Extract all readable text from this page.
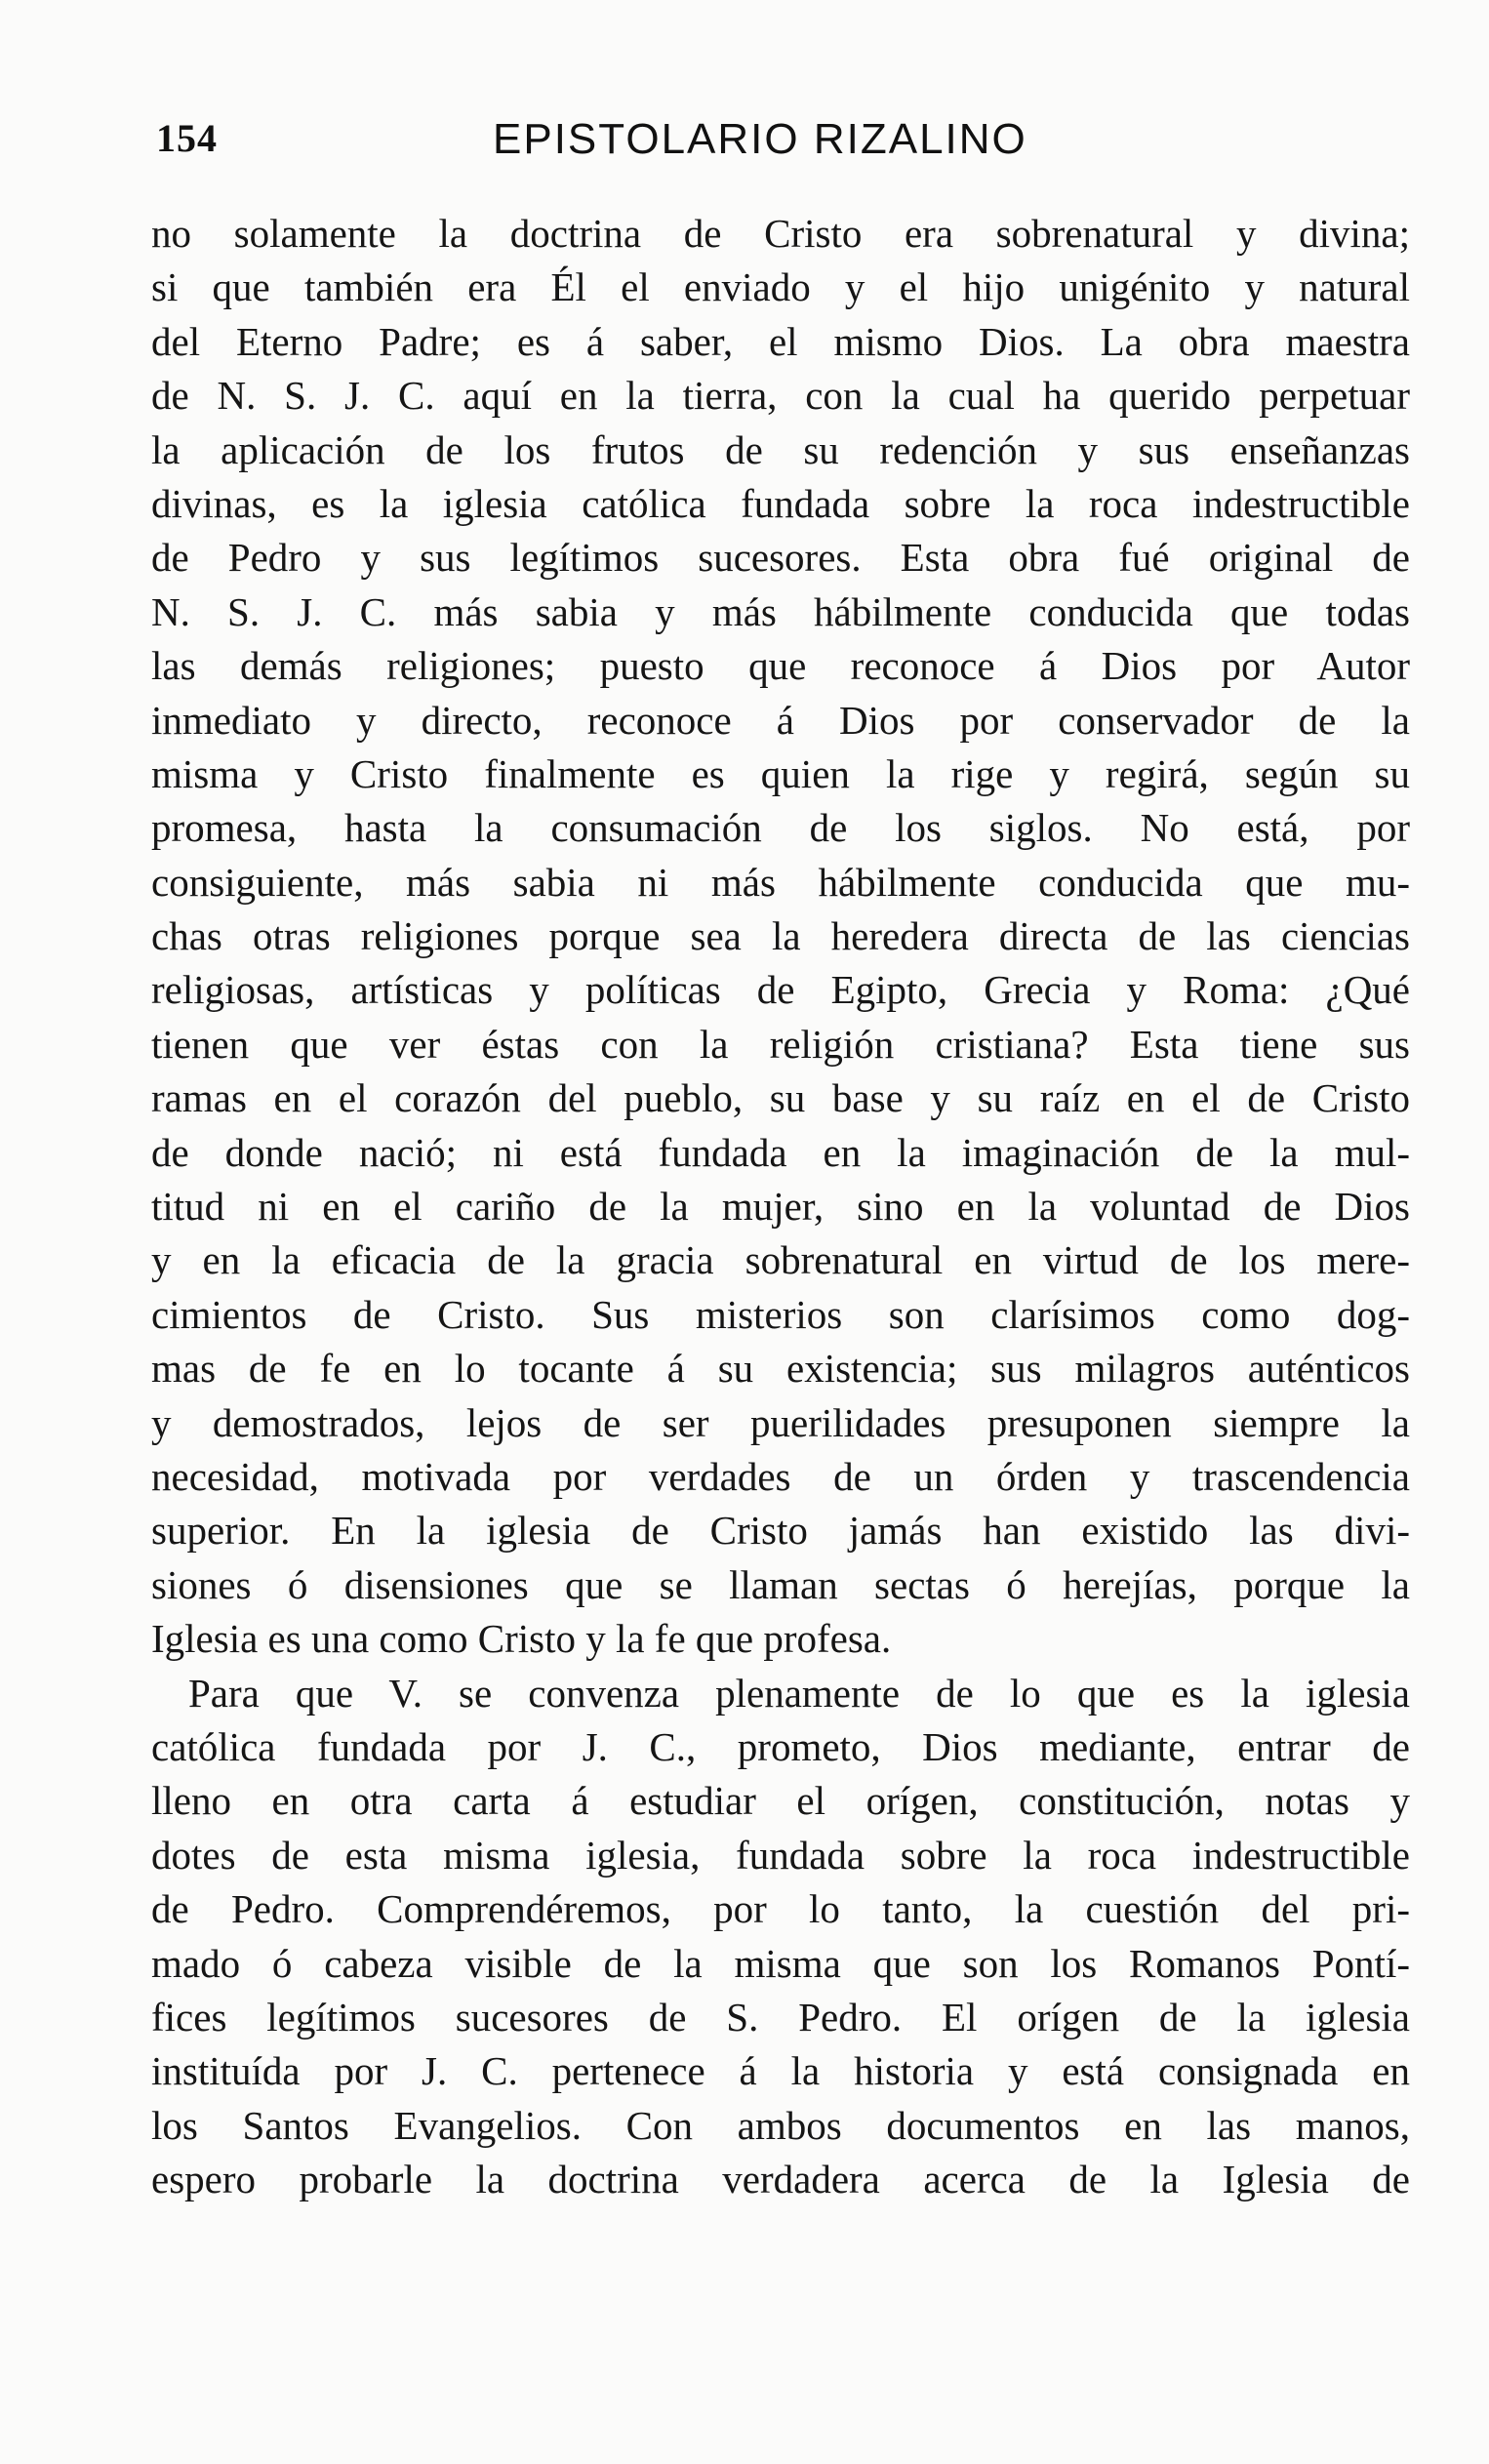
154	EPISTOLARIO RIZALINO
no solamente la doctrina de Cristo era sobrenatural y divina;
si que también era Él el enviado y el hijo unigénito y natural
del Eterno Padre; es á saber, el mismo Dios. La obra maestra
de N. S. J. C. aquí en la tierra, con la cual ha querido perpetuar
la aplicación de los frutos de su redención y sus enseñanzas
divinas, es la iglesia católica fundada sobre la roca indestructible
de Pedro y sus legítimos sucesores. Esta obra fué original de
N. S. J. C. más sabia y más hábilmente conducida que todas
las demás religiones; puesto que reconoce á Dios por Autor
inmediato y directo, reconoce á Dios por conservador de la
misma y Cristo finalmente es quien la rige y regirá, según su
promesa, hasta la consumación de los siglos. No está, por
consiguiente, más sabia ni más hábilmente conducida que mu-
chas otras religiones porque sea la heredera directa de las ciencias
religiosas, artísticas y políticas de Egipto, Grecia y Roma: ¿Qué
tienen que ver éstas con la religión cristiana? Esta tiene sus
ramas en el corazón del pueblo, su base y su raíz en el de Cristo
de donde nació; ni está fundada en la imaginación de la mul-
titud ni en el cariño de la mujer, sino en la voluntad de Dios
y en la eficacia de la gracia sobrenatural en virtud de los mere-
cimientos de Cristo. Sus misterios son clarísimos como dog-
mas de fe en lo tocante á su existencia; sus milagros auténticos
y demostrados, lejos de ser puerilidades presuponen siempre la
necesidad, motivada por verdades de un órden y trascendencia
superior. En la iglesia de Cristo jamás han existido las divi-
siones ó disensiones que se llaman sectas ó herejías, porque la
Iglesia es una como Cristo y la fe que profesa.
Para que V. se convenza plenamente de lo que es la iglesia
católica fundada por J. C., prometo, Dios mediante, entrar de
lleno en otra carta á estudiar el orígen, constitución, notas y
dotes de esta misma iglesia, fundada sobre la roca indestructible
de Pedro. Comprendéremos, por lo tanto, la cuestión del pri-
mado ó cabeza visible de la misma que son los Romanos Pontí-
fices legítimos sucesores de S. Pedro. El orígen de la iglesia
instituída por J. C. pertenece á la historia y está consignada en
los Santos Evangelios. Con ambos documentos en las manos,
espero probarle la doctrina verdadera acerca de la Iglesia de
